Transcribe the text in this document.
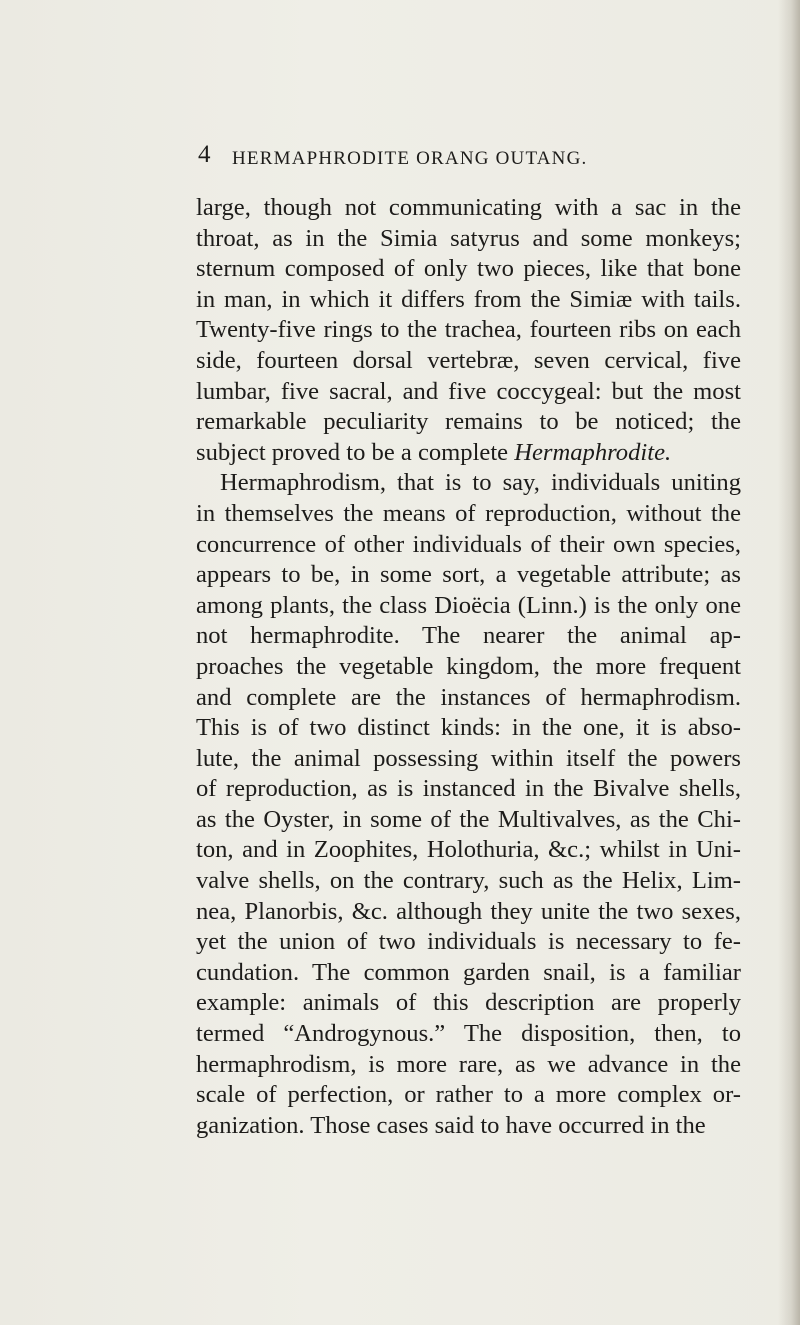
4 HERMAPHRODITE ORANG OUTANG.
large, though not communicating with a sac in the
throat, as in the Simia satyrus and some monkeys;
sternum composed of only two pieces, like that bone
in man, in which it differs from the Simiæ with tails.
Twenty-five rings to the trachea, fourteen ribs on each
side, fourteen dorsal vertebræ, seven cervical, five
lumbar, five sacral, and five coccygeal: but the most
remarkable peculiarity remains to be noticed; the
subject proved to be a complete Hermaphrodite.
Hermaphrodism, that is to say, individuals uniting
in themselves the means of reproduction, without the
concurrence of other individuals of their own species,
appears to be, in some sort, a vegetable attribute; as
among plants, the class Dioëcia (Linn.) is the only one
not hermaphrodite. The nearer the animal ap-
proaches the vegetable kingdom, the more frequent
and complete are the instances of hermaphrodism.
This is of two distinct kinds: in the one, it is abso-
lute, the animal possessing within itself the powers
of reproduction, as is instanced in the Bivalve shells,
as the Oyster, in some of the Multivalves, as the Chi-
ton, and in Zoophites, Holothuria, &c.; whilst in Uni-
valve shells, on the contrary, such as the Helix, Lim-
nea, Planorbis, &c. although they unite the two sexes,
yet the union of two individuals is necessary to fe-
cundation. The common garden snail, is a familiar
example: animals of this description are properly
termed “Androgynous.” The disposition, then, to
hermaphrodism, is more rare, as we advance in the
scale of perfection, or rather to a more complex or-
ganization. Those cases said to have occurred in the
